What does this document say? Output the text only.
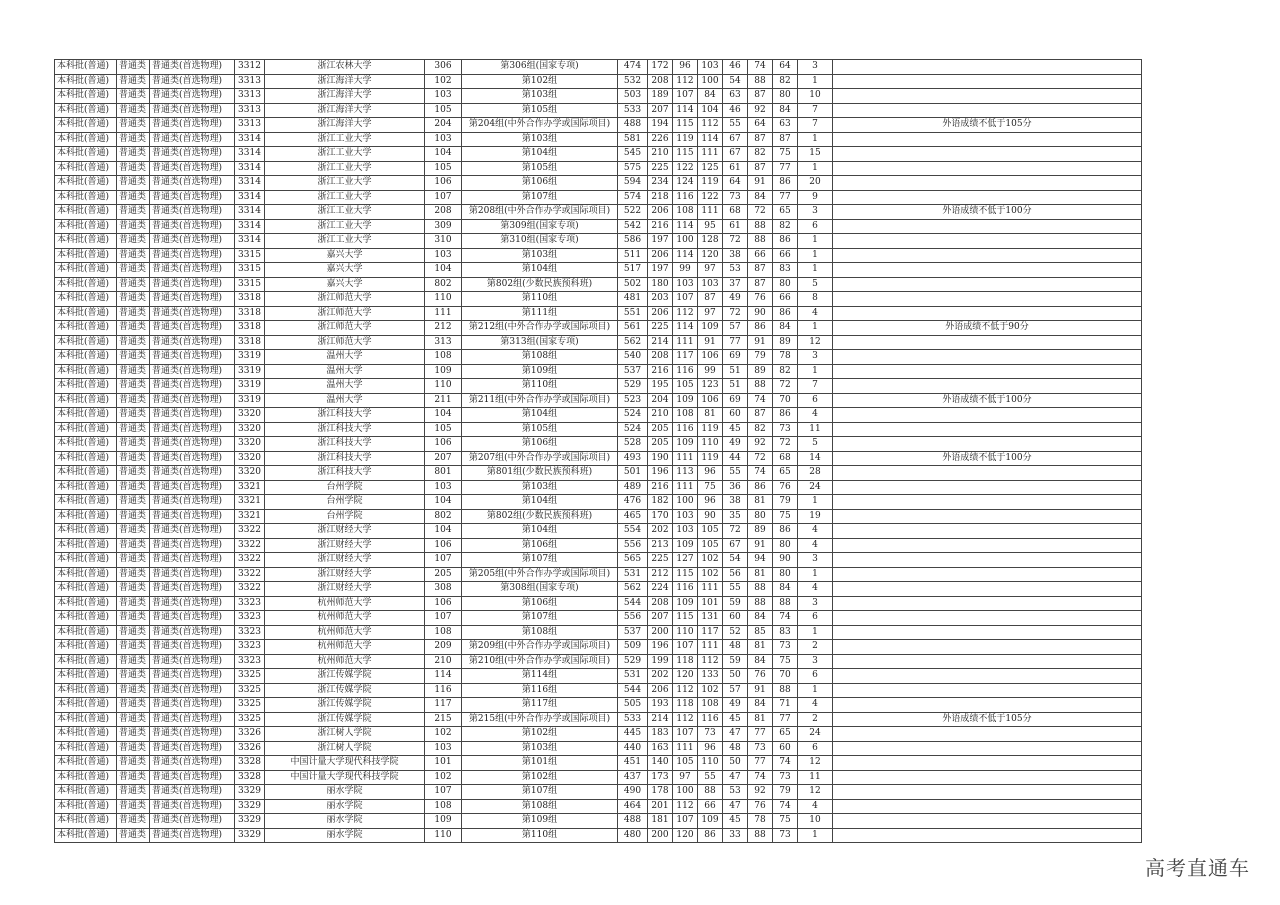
本科批(普通)	普通类	普通类(首选物理)	3312	浙江农林大学	306	第306组(国家专项)	474	172	96	103	46	74	64	3	
本科批(普通)	普通类	普通类(首选物理)	3313	浙江海洋大学	102	第102组	532	208	112	100	54	88	82	1	
本科批(普通)	普通类	普通类(首选物理)	3313	浙江海洋大学	103	第103组	503	189	107	84	63	87	80	10	
本科批(普通)	普通类	普通类(首选物理)	3313	浙江海洋大学	105	第105组	533	207	114	104	46	92	84	7	
本科批(普通)	普通类	普通类(首选物理)	3313	浙江海洋大学	204	第204组(中外合作办学或国际项目)	488	194	115	112	55	64	63	7	外语成绩不低于105分
本科批(普通)	普通类	普通类(首选物理)	3314	浙江工业大学	103	第103组	581	226	119	114	67	87	87	1	
本科批(普通)	普通类	普通类(首选物理)	3314	浙江工业大学	104	第104组	545	210	115	111	67	82	75	15	
本科批(普通)	普通类	普通类(首选物理)	3314	浙江工业大学	105	第105组	575	225	122	125	61	87	77	1	
本科批(普通)	普通类	普通类(首选物理)	3314	浙江工业大学	106	第106组	594	234	124	119	64	91	86	20	
本科批(普通)	普通类	普通类(首选物理)	3314	浙江工业大学	107	第107组	574	218	116	122	73	84	77	9	
本科批(普通)	普通类	普通类(首选物理)	3314	浙江工业大学	208	第208组(中外合作办学或国际项目)	522	206	108	111	68	72	65	3	外语成绩不低于100分
本科批(普通)	普通类	普通类(首选物理)	3314	浙江工业大学	309	第309组(国家专项)	542	216	114	95	61	88	82	6	
本科批(普通)	普通类	普通类(首选物理)	3314	浙江工业大学	310	第310组(国家专项)	586	197	100	128	72	88	86	1	
本科批(普通)	普通类	普通类(首选物理)	3315	嘉兴大学	103	第103组	511	206	114	120	38	66	66	1	
本科批(普通)	普通类	普通类(首选物理)	3315	嘉兴大学	104	第104组	517	197	99	97	53	87	83	1	
本科批(普通)	普通类	普通类(首选物理)	3315	嘉兴大学	802	第802组(少数民族预科班)	502	180	103	103	37	87	80	5	
本科批(普通)	普通类	普通类(首选物理)	3318	浙江师范大学	110	第110组	481	203	107	87	49	76	66	8	
本科批(普通)	普通类	普通类(首选物理)	3318	浙江师范大学	111	第111组	551	206	112	97	72	90	86	4	
本科批(普通)	普通类	普通类(首选物理)	3318	浙江师范大学	212	第212组(中外合作办学或国际项目)	561	225	114	109	57	86	84	1	外语成绩不低于90分
本科批(普通)	普通类	普通类(首选物理)	3318	浙江师范大学	313	第313组(国家专项)	562	214	111	91	77	91	89	12	
本科批(普通)	普通类	普通类(首选物理)	3319	温州大学	108	第108组	540	208	117	106	69	79	78	3	
本科批(普通)	普通类	普通类(首选物理)	3319	温州大学	109	第109组	537	216	116	99	51	89	82	1	
本科批(普通)	普通类	普通类(首选物理)	3319	温州大学	110	第110组	529	195	105	123	51	88	72	7	
本科批(普通)	普通类	普通类(首选物理)	3319	温州大学	211	第211组(中外合作办学或国际项目)	523	204	109	106	69	74	70	6	外语成绩不低于100分
本科批(普通)	普通类	普通类(首选物理)	3320	浙江科技大学	104	第104组	524	210	108	81	60	87	86	4	
本科批(普通)	普通类	普通类(首选物理)	3320	浙江科技大学	105	第105组	524	205	116	119	45	82	73	11	
本科批(普通)	普通类	普通类(首选物理)	3320	浙江科技大学	106	第106组	528	205	109	110	49	92	72	5	
本科批(普通)	普通类	普通类(首选物理)	3320	浙江科技大学	207	第207组(中外合作办学或国际项目)	493	190	111	119	44	72	68	14	外语成绩不低于100分
本科批(普通)	普通类	普通类(首选物理)	3320	浙江科技大学	801	第801组(少数民族预科班)	501	196	113	96	55	74	65	28	
本科批(普通)	普通类	普通类(首选物理)	3321	台州学院	103	第103组	489	216	111	75	36	86	76	24	
本科批(普通)	普通类	普通类(首选物理)	3321	台州学院	104	第104组	476	182	100	96	38	81	79	1	
本科批(普通)	普通类	普通类(首选物理)	3321	台州学院	802	第802组(少数民族预科班)	465	170	103	90	35	80	75	19	
本科批(普通)	普通类	普通类(首选物理)	3322	浙江财经大学	104	第104组	554	202	103	105	72	89	86	4	
本科批(普通)	普通类	普通类(首选物理)	3322	浙江财经大学	106	第106组	556	213	109	105	67	91	80	4	
本科批(普通)	普通类	普通类(首选物理)	3322	浙江财经大学	107	第107组	565	225	127	102	54	94	90	3	
本科批(普通)	普通类	普通类(首选物理)	3322	浙江财经大学	205	第205组(中外合作办学或国际项目)	531	212	115	102	56	81	80	1	
本科批(普通)	普通类	普通类(首选物理)	3322	浙江财经大学	308	第308组(国家专项)	562	224	116	111	55	88	84	4	
本科批(普通)	普通类	普通类(首选物理)	3323	杭州师范大学	106	第106组	544	208	109	101	59	88	88	3	
本科批(普通)	普通类	普通类(首选物理)	3323	杭州师范大学	107	第107组	556	207	115	131	60	84	74	6	
本科批(普通)	普通类	普通类(首选物理)	3323	杭州师范大学	108	第108组	537	200	110	117	52	85	83	1	
本科批(普通)	普通类	普通类(首选物理)	3323	杭州师范大学	209	第209组(中外合作办学或国际项目)	509	196	107	111	48	81	73	2	
本科批(普通)	普通类	普通类(首选物理)	3323	杭州师范大学	210	第210组(中外合作办学或国际项目)	529	199	118	112	59	84	75	3	
本科批(普通)	普通类	普通类(首选物理)	3325	浙江传媒学院	114	第114组	531	202	120	133	50	76	70	6	
本科批(普通)	普通类	普通类(首选物理)	3325	浙江传媒学院	116	第116组	544	206	112	102	57	91	88	1	
本科批(普通)	普通类	普通类(首选物理)	3325	浙江传媒学院	117	第117组	505	193	118	108	49	84	71	4	
本科批(普通)	普通类	普通类(首选物理)	3325	浙江传媒学院	215	第215组(中外合作办学或国际项目)	533	214	112	116	45	81	77	2	外语成绩不低于105分
本科批(普通)	普通类	普通类(首选物理)	3326	浙江树人学院	102	第102组	445	183	107	73	47	77	65	24	
本科批(普通)	普通类	普通类(首选物理)	3326	浙江树人学院	103	第103组	440	163	111	96	48	73	60	6	
本科批(普通)	普通类	普通类(首选物理)	3328	中国计量大学现代科技学院	101	第101组	451	140	105	110	50	77	74	12	
本科批(普通)	普通类	普通类(首选物理)	3328	中国计量大学现代科技学院	102	第102组	437	173	97	55	47	74	73	11	
本科批(普通)	普通类	普通类(首选物理)	3329	丽水学院	107	第107组	490	178	100	88	53	92	79	12	
本科批(普通)	普通类	普通类(首选物理)	3329	丽水学院	108	第108组	464	201	112	66	47	76	74	4	
本科批(普通)	普通类	普通类(首选物理)	3329	丽水学院	109	第109组	488	181	107	109	45	78	75	10	
本科批(普通)	普通类	普通类(首选物理)	3329	丽水学院	110	第110组	480	200	120	86	33	88	73	1	
高考直通车
